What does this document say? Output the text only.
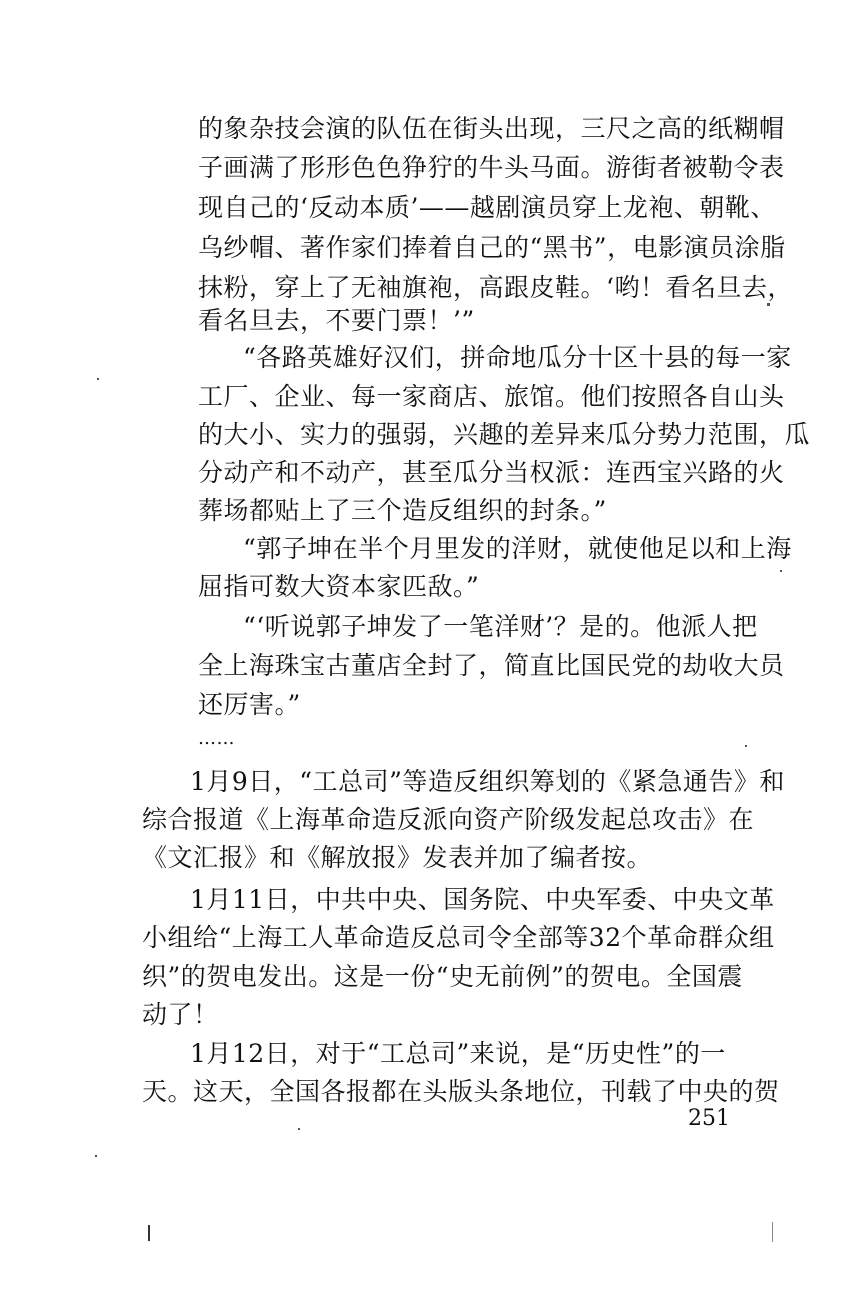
的象杂技会演的队伍在街头出现，三尺之高的纸糊帽
子画满了形形色色狰狞的牛头马面。游街者被勒令表
现自己的‘反动本质’——越剧演员穿上龙袍、朝靴、
乌纱帽、著作家们捧着自己的“黑书”，电影演员涂脂
抹粉，穿上了无袖旗袍，高跟皮鞋。‘哟！看名旦去，
看名旦去，不要门票！’”
“各路英雄好汉们，拼命地瓜分十区十县的每一家
工厂、企业、每一家商店、旅馆。他们按照各自山头
的大小、实力的强弱，兴趣的差异来瓜分势力范围，瓜
分动产和不动产，甚至瓜分当权派：连西宝兴路的火
葬场都贴上了三个造反组织的封条。”
“郭子坤在半个月里发的洋财，就使他足以和上海
屈指可数大资本家匹敌。”
“‘听说郭子坤发了一笔洋财’？是的。他派人把
全上海珠宝古董店全封了，简直比国民党的劫收大员
还厉害。”
……
1月9日，“工总司”等造反组织筹划的《紧急通告》和
综合报道《上海革命造反派向资产阶级发起总攻击》在
《文汇报》和《解放报》发表并加了编者按。
1月11日，中共中央、国务院、中央军委、中央文革
小组给“上海工人革命造反总司令全部等32个革命群众组
织”的贺电发出。这是一份“史无前例”的贺电。全国震
动了！
1月12日，对于“工总司”来说，是“历史性”的一
天。这天，全国各报都在头版头条地位，刊载了中央的贺
251
